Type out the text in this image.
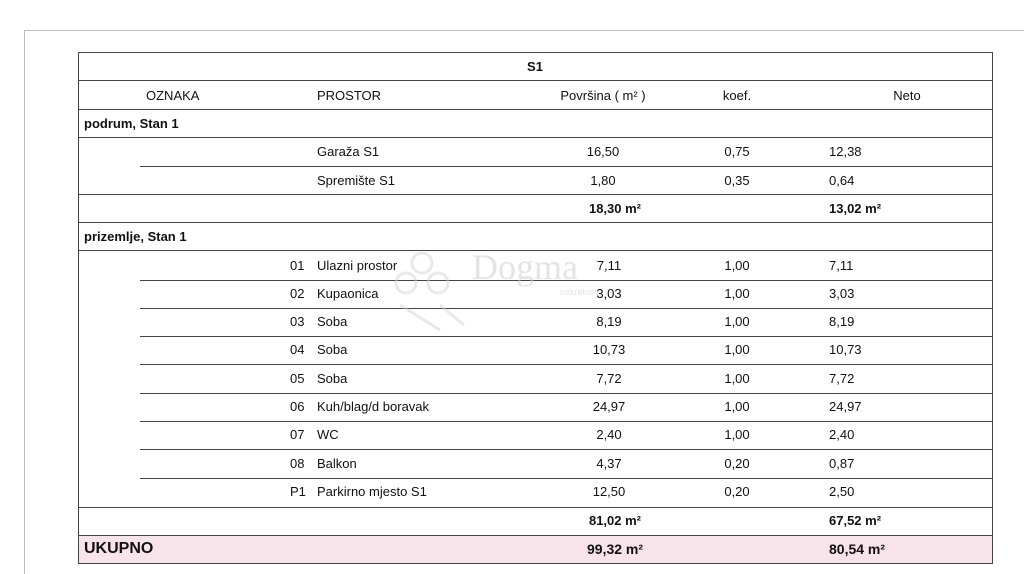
S1
OZNAKA	PROSTOR	Površina ( m² )	koef.	Neto
podrum, Stan 1
Garaža S1	16,50	0,75	12,38
Spremište S1	1,80	0,35	0,64
18,30 m²	13,02 m²
prizemlje, Stan 1
01 Ulazni prostor	7,11	1,00	7,11
02 Kupaonica	3,03	1,00	3,03
03 Soba	8,19	1,00	8,19
04 Soba	10,73	1,00	10,73
05 Soba	7,72	1,00	7,72
06 Kuh/blag/d boravak	24,97	1,00	24,97
07 WC	2,40	1,00	2,40
08 Balkon	4,37	0,20	0,87
P1 Parkirno mjesto S1	12,50	0,20	2,50
81,02 m²	67,52 m²
UKUPNO	99,32 m²	80,54 m²
Dogma
nekretnine
